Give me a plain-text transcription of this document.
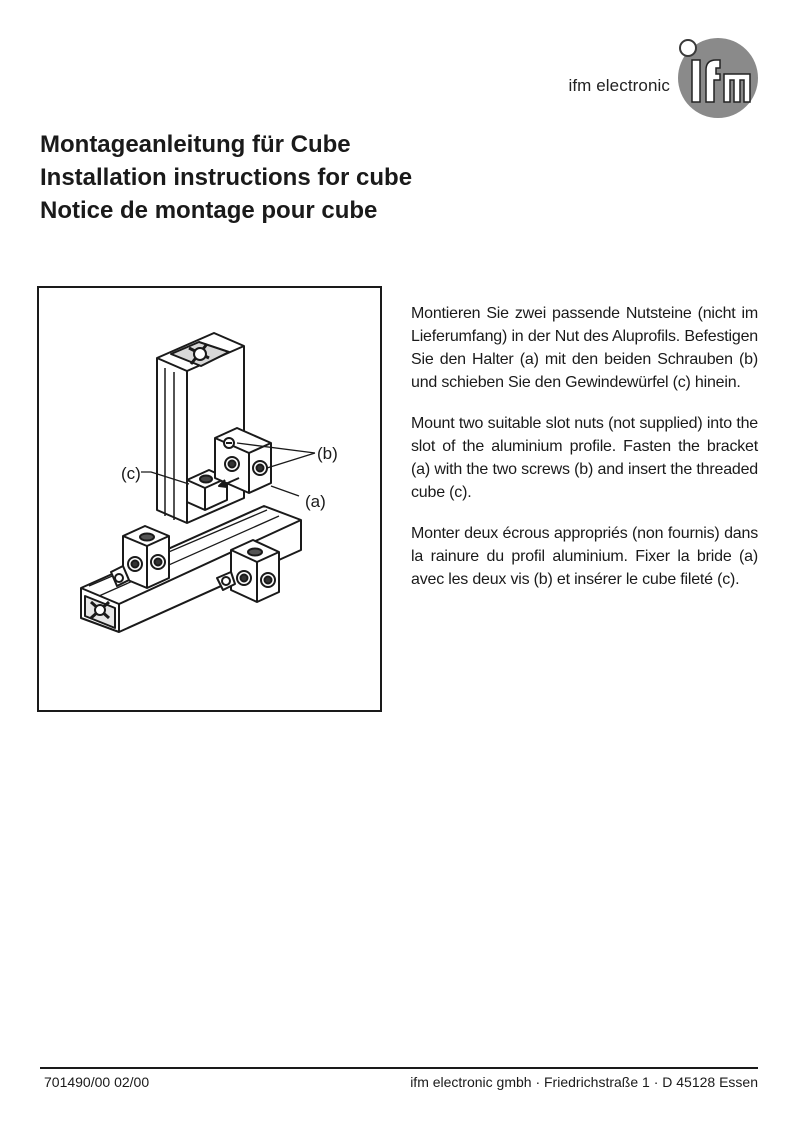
ifm electronic
Montageanleitung für Cube
Installation instructions for cube
Notice de montage pour cube
(b)
(a)
(c)

Montieren Sie zwei passende Nutsteine (nicht im Lieferumfang) in der Nut des Aluprofils. Befestigen Sie den Halter (a) mit den beiden Schrauben (b) und schieben Sie den Gewindewürfel (c) hinein.

Mount two suitable slot nuts (not supplied) into the slot of the aluminium profile. Fasten the bracket (a) with the two screws (b) and insert the threaded cube (c).

Monter deux écrous appropriés (non fournis) dans la rainure du profil aluminium. Fixer la bride (a) avec les deux vis (b) et insérer le cube fileté (c).

701490/00 02/00	ifm electronic gmbh · Friedrichstraße 1 · D 45128 Essen
